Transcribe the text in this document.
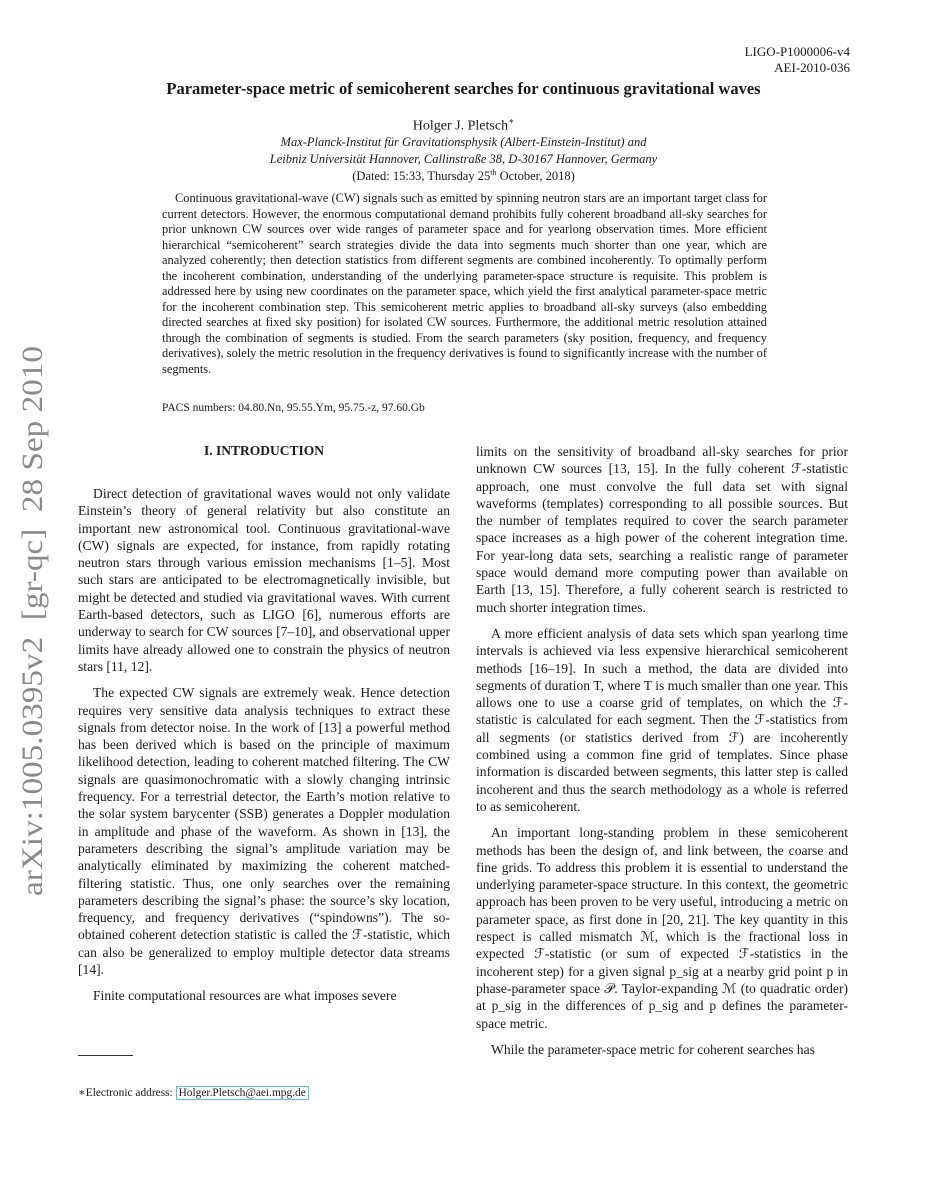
LIGO-P1000006-v4
AEI-2010-036
arXiv:1005.0395v2  [gr-qc]  28 Sep 2010
Parameter-space metric of semicoherent searches for continuous gravitational waves
Holger J. Pletsch∗
Max-Planck-Institut für Gravitationsphysik (Albert-Einstein-Institut) and
Leibniz Universität Hannover, Callinstraße 38, D-30167 Hannover, Germany
(Dated: 15:33, Thursday 25th October, 2018)
Continuous gravitational-wave (CW) signals such as emitted by spinning neutron stars are an important target class for current detectors. However, the enormous computational demand prohibits fully coherent broadband all-sky searches for prior unknown CW sources over wide ranges of parameter space and for yearlong observation times. More efficient hierarchical “semicoherent” search strategies divide the data into segments much shorter than one year, which are analyzed coherently; then detection statistics from different segments are combined incoherently. To optimally perform the incoherent combination, understanding of the underlying parameter-space structure is requisite. This problem is addressed here by using new coordinates on the parameter space, which yield the first analytical parameter-space metric for the incoherent combination step. This semicoherent metric applies to broadband all-sky surveys (also embedding directed searches at fixed sky position) for isolated CW sources. Furthermore, the additional metric resolution attained through the combination of segments is studied. From the search parameters (sky position, frequency, and frequency derivatives), solely the metric resolution in the frequency derivatives is found to significantly increase with the number of segments.
PACS numbers: 04.80.Nn, 95.55.Ym, 95.75.-z, 97.60.Gb
I. INTRODUCTION

Direct detection of gravitational waves would not only validate Einstein’s theory of general relativity but also constitute an important new astronomical tool. Continuous gravitational-wave (CW) signals are expected, for instance, from rapidly rotating neutron stars through various emission mechanisms [1–5]. Most such stars are anticipated to be electromagnetically invisible, but might be detected and studied via gravitational waves. With current Earth-based detectors, such as LIGO [6], numerous efforts are underway to search for CW sources [7–10], and observational upper limits have already allowed one to constrain the physics of neutron stars [11, 12].

The expected CW signals are extremely weak. Hence detection requires very sensitive data analysis techniques to extract these signals from detector noise. In the work of [13] a powerful method has been derived which is based on the principle of maximum likelihood detection, leading to coherent matched filtering. The CW signals are quasimonochromatic with a slowly changing intrinsic frequency. For a terrestrial detector, the Earth’s motion relative to the solar system barycenter (SSB) generates a Doppler modulation in amplitude and phase of the waveform. As shown in [13], the parameters describing the signal’s amplitude variation may be analytically eliminated by maximizing the coherent matched-filtering statistic. Thus, one only searches over the remaining parameters describing the signal’s phase: the source’s sky location, frequency, and frequency derivatives (“spindowns”). The so-obtained coherent detection statistic is called the ℱ-statistic, which can also be generalized to employ multiple detector data streams [14].

Finite computational resources are what imposes severe

limits on the sensitivity of broadband all-sky searches for prior unknown CW sources [13, 15]. In the fully coherent ℱ-statistic approach, one must convolve the full data set with signal waveforms (templates) corresponding to all possible sources. But the number of templates required to cover the search parameter space increases as a high power of the coherent integration time. For year-long data sets, searching a realistic range of parameter space would demand more computing power than available on Earth [13, 15]. Therefore, a fully coherent search is restricted to much shorter integration times.

A more efficient analysis of data sets which span yearlong time intervals is achieved via less expensive hierarchical semicoherent methods [16–19]. In such a method, the data are divided into segments of duration T, where T is much smaller than one year. This allows one to use a coarse grid of templates, on which the ℱ-statistic is calculated for each segment. Then the ℱ-statistics from all segments (or statistics derived from ℱ) are incoherently combined using a common fine grid of templates. Since phase information is discarded between segments, this latter step is called incoherent and thus the search methodology as a whole is referred to as semicoherent.

An important long-standing problem in these semicoherent methods has been the design of, and link between, the coarse and fine grids. To address this problem it is essential to understand the underlying parameter-space structure. In this context, the geometric approach has been proven to be very useful, introducing a metric on parameter space, as first done in [20, 21]. The key quantity in this respect is called mismatch ℳ, which is the fractional loss in expected ℱ-statistic (or sum of expected ℱ-statistics in the incoherent step) for a given signal p_sig at a nearby grid point p in phase-parameter space 𝒫. Taylor-expanding ℳ (to quadratic order) at p_sig in the differences of p_sig and p defines the parameter-space metric.

While the parameter-space metric for coherent searches has

∗Electronic address: Holger.Pletsch@aei.mpg.de
